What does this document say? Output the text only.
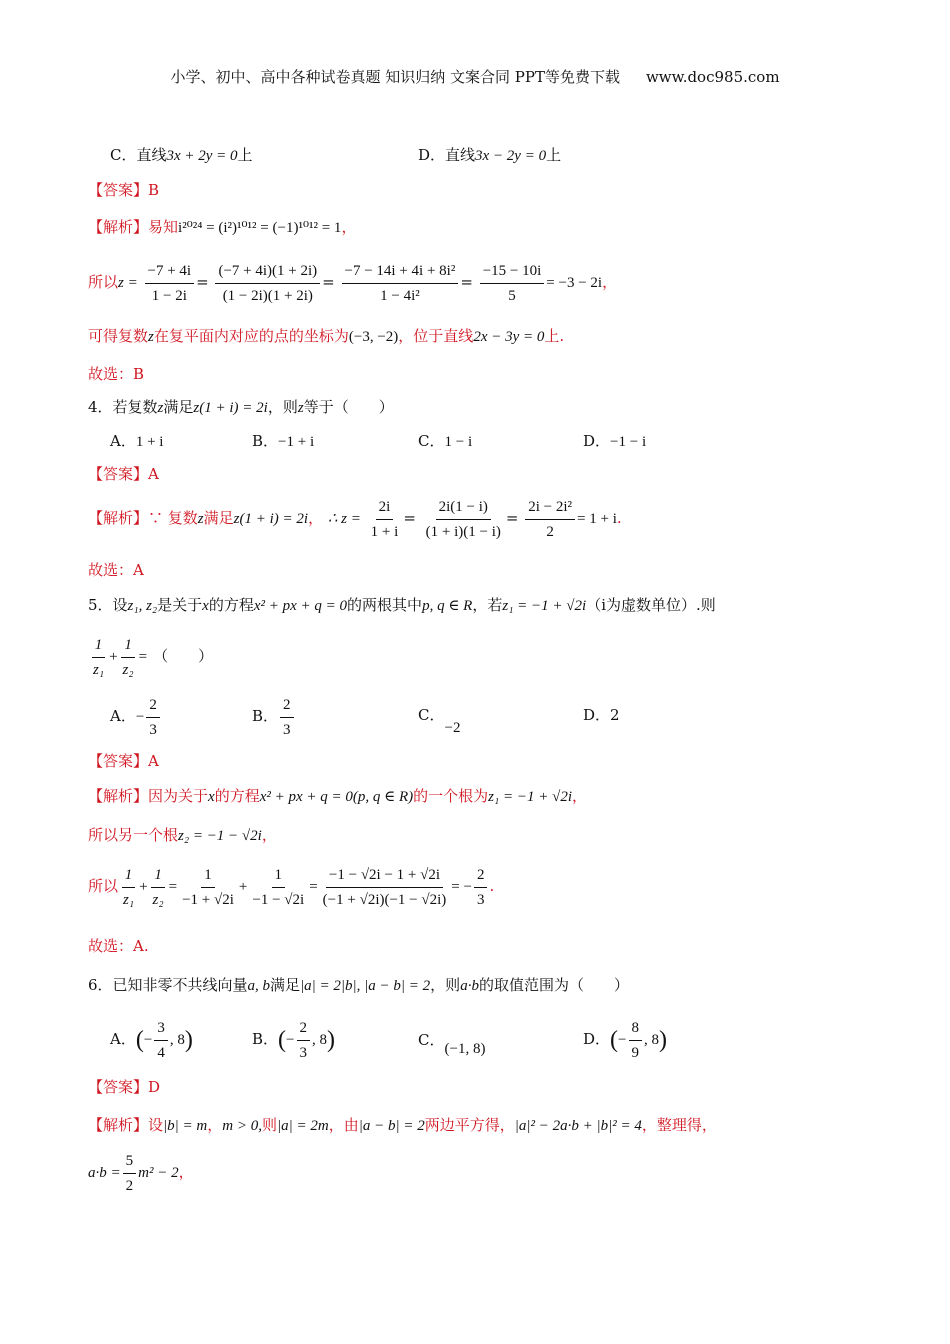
小学、初中、高中各种试卷真题 知识归纳 文案合同 PPT等免费下载 www.doc985.com
C．直线3x + 2y = 0上	D．直线3x − 2y = 0上
【答案】B
【解析】易知i²⁰²⁴ = (i²)¹⁰¹² = (−1)¹⁰¹² = 1，
所以$z = \frac{-7 + 4i}{1 - 2i} = \frac{(-7 + 4i)(1 + 2i)}{(1 - 2i)(1 + 2i)} = \frac{\text{−7 − 14i + 4i + 8i²}}{\text{1 − 4i²}} = \frac{-15 - 10i}{5} = -3 - 2i$，
可得复数z在复平面内对应的点的坐标为(−3, −2)，位于直线2x − 3y = 0上.
故选：B
4．若复数z满足z(1 + i) = 2i，则z等于（　　）
A．1 + i	B．−1 + i	C．1 − i	D．−1 − i
【答案】A
【解析】∵ 复数z满足z(1 + i) = 2i， ∴ $z = \frac{2i}{1 + i} = \frac{2i(1 - i)}{(1 + i)(1 - i)} = \frac{\text{2i − 2i²}}{2} = 1 + i$.
故选：A
5．设z₁, z₂是关于x的方程x² + px + q = 0的两根其中p, q ∈ R，若z₁ = −1 + √2i（i为虚数单位）.则
$\frac{1}{\text{z₁}} + \frac{1}{\text{z₂}}$ = （　　）
A．− $\frac{2}{3}$	B． $\frac{2}{3}$	C．−2
D．2
【答案】A
【解析】因为关于x的方程x² + px + q = 0(p, q ∈ R)的一个根为z₁ = −1 + √2i，
所以另一个根z₂ = −1 − √2i，
所以 $\frac{1}{\text{z₁}} + \frac{1}{\text{z₂}} = \frac{1}{-1 + √2i} + \frac{1}{-1 - √2i} = \frac{-1 - √2i - 1 + √2i}{(-1 + √2i)(-1 - √2i)}$ = − $\frac{2}{3}$ .
故选：A.
6．已知非零不共线向量a, b满足|a| = 2|b|, |a − b| = 2，则a·b的取值范围为（　　）
A．(− $\frac{3}{4}$ , 8)	B．(− $\frac{2}{3}$ , 8)	C．(−1, 8)
D．(− $\frac{8}{9}$ , 8)
【答案】D
【解析】设|b| = m，m > 0,则|a| = 2m，由|a − b| = 2两边平方得，|a|² − 2a·b + |b|² = 4，整理得，
$a\cdot b = \frac{5}{2} m^2 - 2$，
